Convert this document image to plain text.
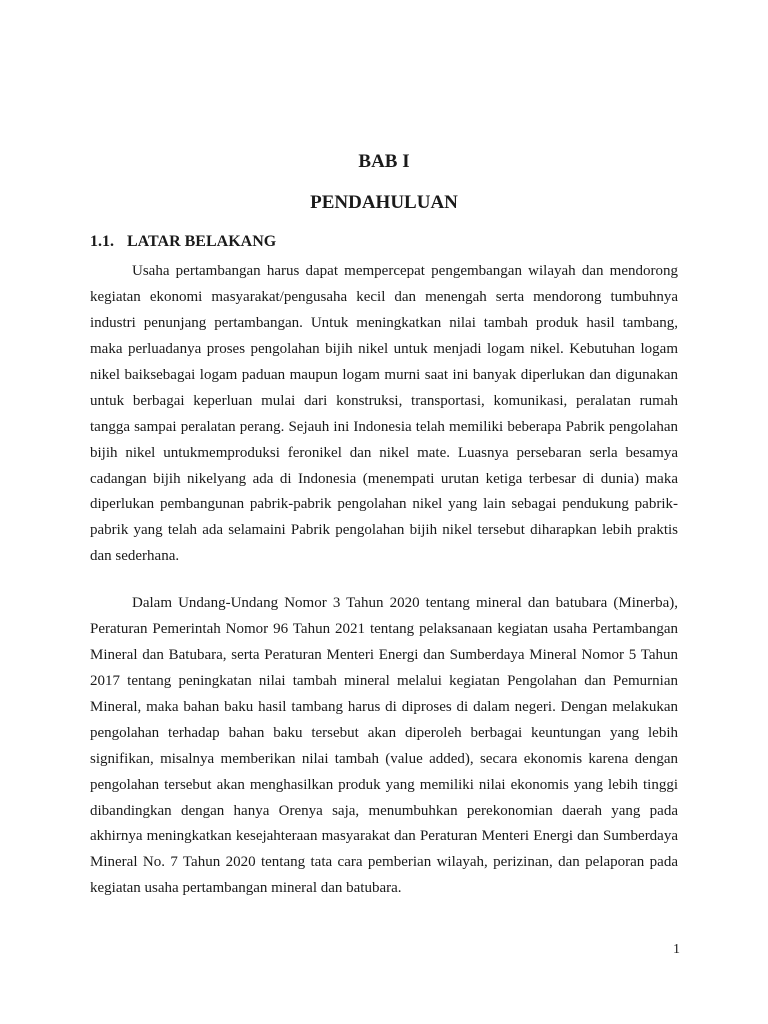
BAB I
PENDAHULUAN
1.1. LATAR BELAKANG
Usaha pertambangan harus dapat mempercepat pengembangan wilayah dan mendorong
kegiatan ekonomi masyarakat/pengusaha kecil dan menengah serta mendorong tumbuhnya
industri penunjang pertambangan. Untuk meningkatkan nilai tambah produk hasil tambang,
maka perluadanya proses pengolahan bijih nikel untuk menjadi logam nikel. Kebutuhan logam
nikel baiksebagai logam paduan maupun logam murni saat ini banyak diperlukan dan digunakan
untuk berbagai keperluan mulai dari konstruksi, transportasi, komunikasi, peralatan rumah
tangga sampai peralatan perang. Sejauh ini Indonesia telah memiliki beberapa Pabrik pengolahan
bijih nikel untukmemproduksi feronikel dan nikel mate. Luasnya persebaran serla besamya
cadangan bijih nikelyang ada di Indonesia (menempati urutan ketiga terbesar di dunia) maka
diperlukan pembangunan pabrik-pabrik pengolahan nikel yang lain sebagai pendukung pabrik-
pabrik yang telah ada selamaini Pabrik pengolahan bijih nikel tersebut diharapkan lebih praktis
dan sederhana.
Dalam Undang-Undang Nomor 3 Tahun 2020 tentang mineral dan batubara (Minerba),
Peraturan Pemerintah Nomor 96 Tahun 2021 tentang pelaksanaan kegiatan usaha Pertambangan
Mineral dan Batubara, serta Peraturan Menteri Energi dan Sumberdaya Mineral Nomor 5 Tahun
2017 tentang peningkatan nilai tambah mineral melalui kegiatan Pengolahan dan Pemurnian
Mineral, maka bahan baku hasil tambang harus di diproses di dalam negeri. Dengan melakukan
pengolahan terhadap bahan baku tersebut akan diperoleh berbagai keuntungan yang lebih
signifikan, misalnya memberikan nilai tambah (value added), secara ekonomis karena dengan
pengolahan tersebut akan menghasilkan produk yang memiliki nilai ekonomis yang lebih tinggi
dibandingkan dengan hanya Orenya saja, menumbuhkan perekonomian daerah yang pada
akhirnya meningkatkan kesejahteraan masyarakat dan Peraturan Menteri Energi dan Sumberdaya
Mineral No. 7 Tahun 2020 tentang tata cara pemberian wilayah, perizinan, dan pelaporan pada
kegiatan usaha pertambangan mineral dan batubara.
1
